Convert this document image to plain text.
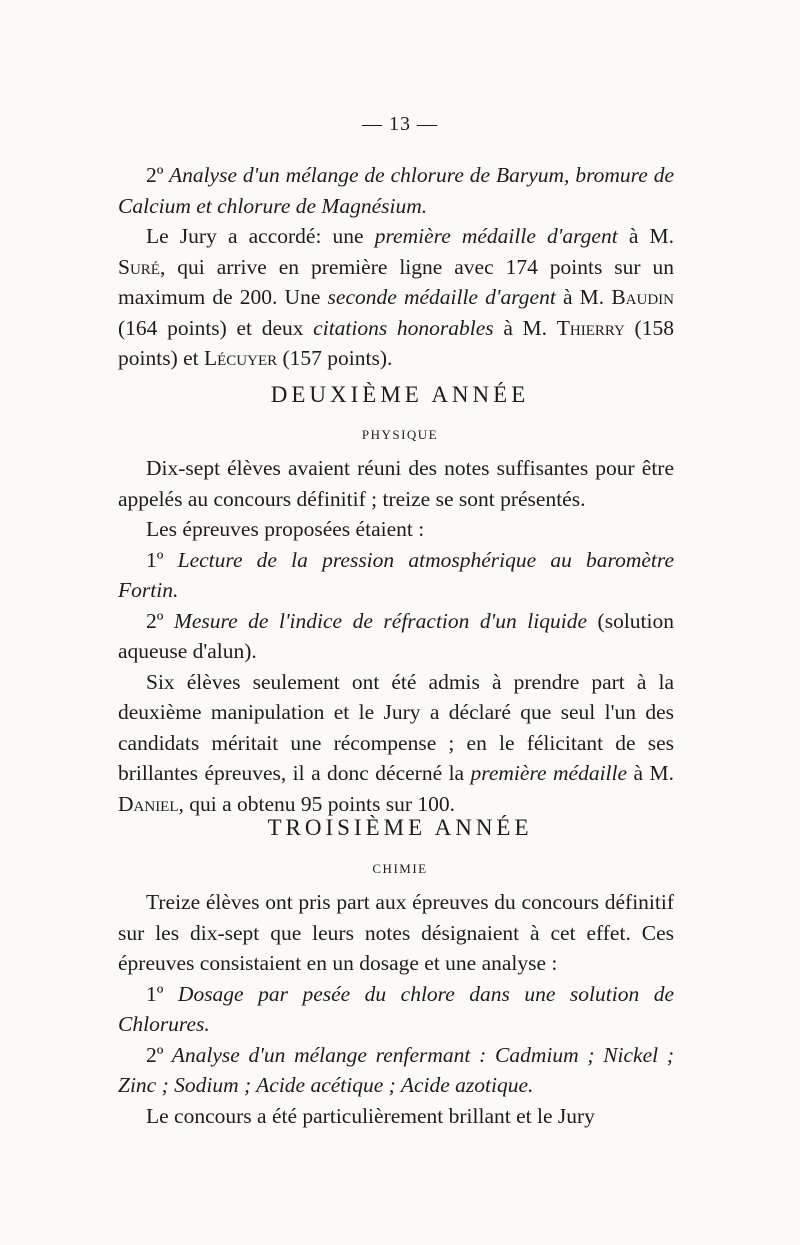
— 13 —

2º Analyse d'un mélange de chlorure de Baryum, bromure de Calcium et chlorure de Magnésium.

Le Jury a accordé: une première médaille d'argent à M. Suré, qui arrive en première ligne avec 174 points sur un maximum de 200. Une seconde médaille d'argent à M. Baudin (164 points) et deux citations honorables à M. Thierry (158 points) et Lécuyer (157 points).

DEUXIÈME ANNÉE
PHYSIQUE

Dix-sept élèves avaient réuni des notes suffisantes pour être appelés au concours définitif ; treize se sont présentés.

Les épreuves proposées étaient :

1º Lecture de la pression atmosphérique au baromètre Fortin.

2º Mesure de l'indice de réfraction d'un liquide (solution aqueuse d'alun).

Six élèves seulement ont été admis à prendre part à la deuxième manipulation et le Jury a déclaré que seul l'un des candidats méritait une récompense ; en le félicitant de ses brillantes épreuves, il a donc décerné la première médaille à M. Daniel, qui a obtenu 95 points sur 100.

TROISIÈME ANNÉE
CHIMIE

Treize élèves ont pris part aux épreuves du concours définitif sur les dix-sept que leurs notes désignaient à cet effet. Ces épreuves consistaient en un dosage et une analyse :

1º Dosage par pesée du chlore dans une solution de Chlorures.

2º Analyse d'un mélange renfermant : Cadmium ; Nickel ; Zinc ; Sodium ; Acide acétique ; Acide azotique.

Le concours a été particulièrement brillant et le Jury
